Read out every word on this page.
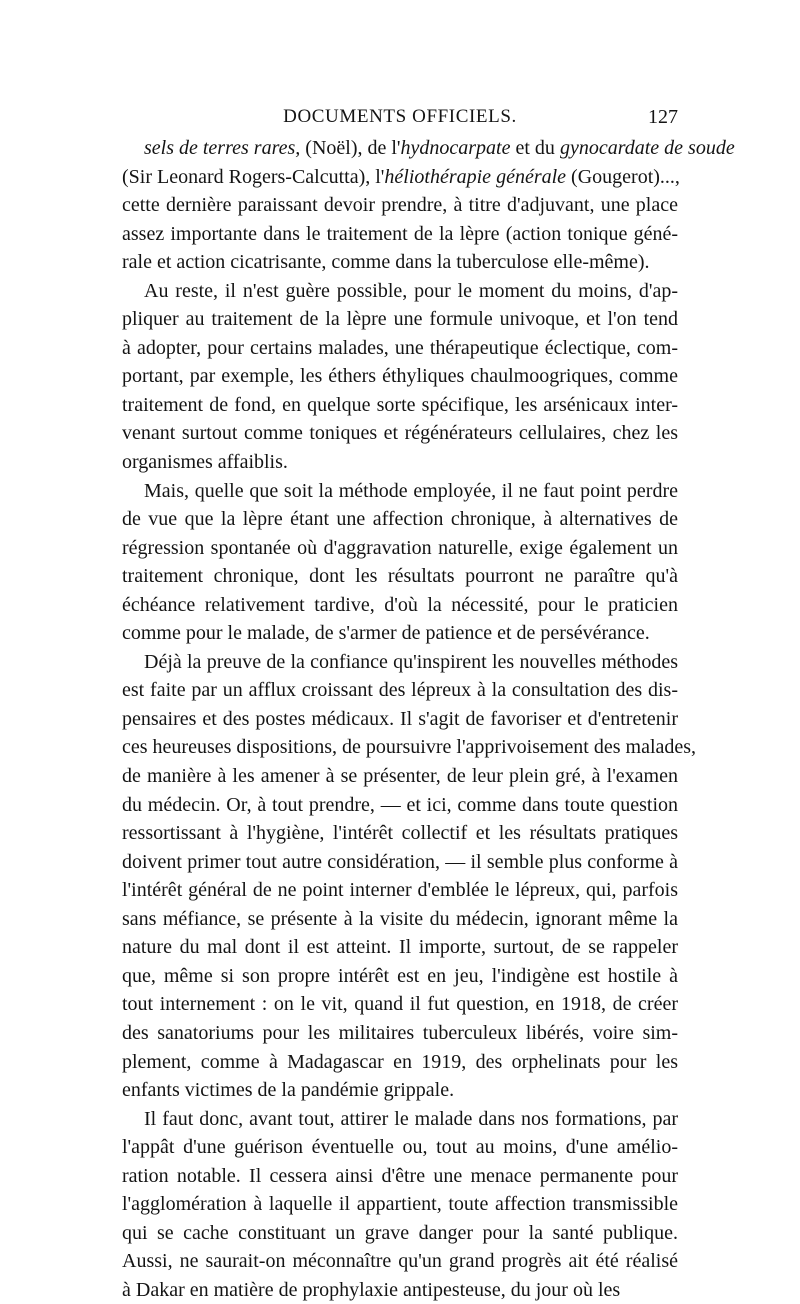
DOCUMENTS OFFICIELS.	127
sels de terres rares, (Noël), de l'hydnocarpate et du gynocardate de soude
(Sir Leonard Rogers-Calcutta), l'héliothérapie générale (Gougerot)...,
cette dernière paraissant devoir prendre, à titre d'adjuvant, une place
assez importante dans le traitement de la lèpre (action tonique géné-
rale et action cicatrisante, comme dans la tuberculose elle-même).
Au reste, il n'est guère possible, pour le moment du moins, d'ap-
pliquer au traitement de la lèpre une formule univoque, et l'on tend
à adopter, pour certains malades, une thérapeutique éclectique, com-
portant, par exemple, les éthers éthyliques chaulmoogriques, comme
traitement de fond, en quelque sorte spécifique, les arsénicaux inter-
venant surtout comme toniques et régénérateurs cellulaires, chez les
organismes affaiblis.
Mais, quelle que soit la méthode employée, il ne faut point perdre
de vue que la lèpre étant une affection chronique, à alternatives de
régression spontanée où d'aggravation naturelle, exige également un
traitement chronique, dont les résultats pourront ne paraître qu'à
échéance relativement tardive, d'où la nécessité, pour le praticien
comme pour le malade, de s'armer de patience et de persévérance.
Déjà la preuve de la confiance qu'inspirent les nouvelles méthodes
est faite par un afflux croissant des lépreux à la consultation des dis-
pensaires et des postes médicaux. Il s'agit de favoriser et d'entretenir
ces heureuses dispositions, de poursuivre l'apprivoisement des malades,
de manière à les amener à se présenter, de leur plein gré, à l'examen
du médecin. Or, à tout prendre, — et ici, comme dans toute question
ressortissant à l'hygiène, l'intérêt collectif et les résultats pratiques
doivent primer tout autre considération, — il semble plus conforme à
l'intérêt général de ne point interner d'emblée le lépreux, qui, parfois
sans méfiance, se présente à la visite du médecin, ignorant même la
nature du mal dont il est atteint. Il importe, surtout, de se rappeler
que, même si son propre intérêt est en jeu, l'indigène est hostile à
tout internement : on le vit, quand il fut question, en 1918, de créer
des sanatoriums pour les militaires tuberculeux libérés, voire sim-
plement, comme à Madagascar en 1919, des orphelinats pour les
enfants victimes de la pandémie grippale.
Il faut donc, avant tout, attirer le malade dans nos formations, par
l'appât d'une guérison éventuelle ou, tout au moins, d'une amélio-
ration notable. Il cessera ainsi d'être une menace permanente pour
l'agglomération à laquelle il appartient, toute affection transmissible
qui se cache constituant un grave danger pour la santé publique.
Aussi, ne saurait-on méconnaître qu'un grand progrès ait été réalisé
à Dakar en matière de prophylaxie antipesteuse, du jour où les
